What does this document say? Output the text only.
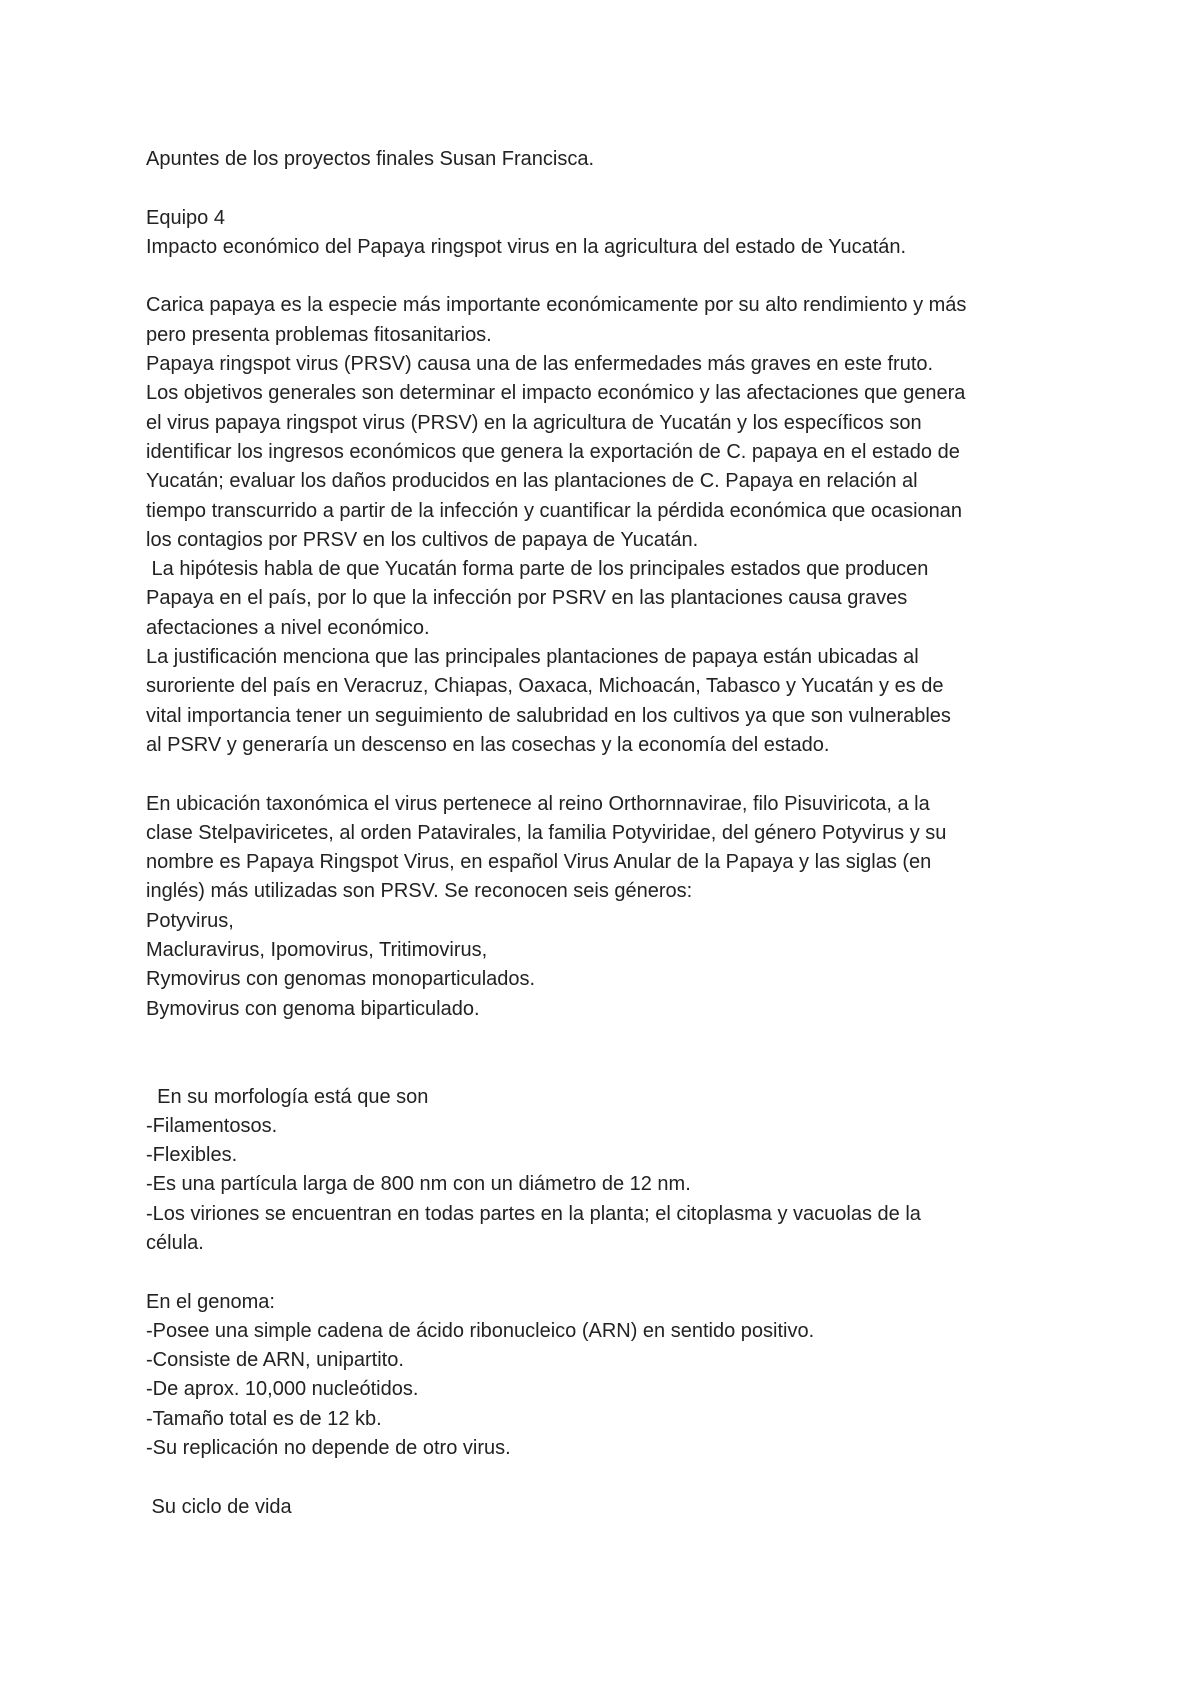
Apuntes de los proyectos finales Susan Francisca.
Equipo 4
Impacto económico del Papaya ringspot virus en la agricultura del estado de Yucatán.
Carica papaya es la especie más importante económicamente por su alto rendimiento y más
pero presenta problemas fitosanitarios.
Papaya ringspot virus (PRSV) causa una de las enfermedades más graves en este fruto.
Los objetivos generales son determinar el impacto económico y las afectaciones que genera
el virus papaya ringspot virus (PRSV) en la agricultura de Yucatán y los específicos son
identificar los ingresos económicos que genera la exportación de C. papaya en el estado de
Yucatán; evaluar los daños producidos en las plantaciones de C. Papaya en relación al
tiempo transcurrido a partir de la infección y cuantificar la pérdida económica que ocasionan
los contagios por PRSV en los cultivos de papaya de Yucatán.
La hipótesis habla de que Yucatán forma parte de los principales estados que producen
Papaya en el país, por lo que la infección por PSRV en las plantaciones causa graves
afectaciones a nivel económico.
La justificación menciona que las principales plantaciones de papaya están ubicadas al
suroriente del país en Veracruz, Chiapas, Oaxaca, Michoacán, Tabasco y Yucatán y es de
vital importancia tener un seguimiento de salubridad en los cultivos ya que son vulnerables
al PSRV y generaría un descenso en las cosechas y la economía del estado.
En ubicación taxonómica el virus pertenece al reino Orthornnavirae, filo Pisuviricota, a la
clase Stelpaviricetes, al orden Patavirales, la familia Potyviridae, del género Potyvirus y su
nombre es Papaya Ringspot Virus, en español Virus Anular de la Papaya y las siglas (en
inglés) más utilizadas son PRSV. Se reconocen seis géneros:
Potyvirus,
Macluravirus, Ipomovirus, Tritimovirus,
Rymovirus con genomas monoparticulados.
Bymovirus con genoma biparticulado.
En su morfología está que son
-Filamentosos.
-Flexibles.
-Es una partícula larga de 800 nm con un diámetro de 12 nm.
-Los viriones se encuentran en todas partes en la planta; el citoplasma y vacuolas de la
célula.
En el genoma:
-Posee una simple cadena de ácido ribonucleico (ARN) en sentido positivo.
-Consiste de ARN, unipartito.
-De aprox. 10,000 nucleótidos.
-Tamaño total es de 12 kb.
-Su replicación no depende de otro virus.
Su ciclo de vida
